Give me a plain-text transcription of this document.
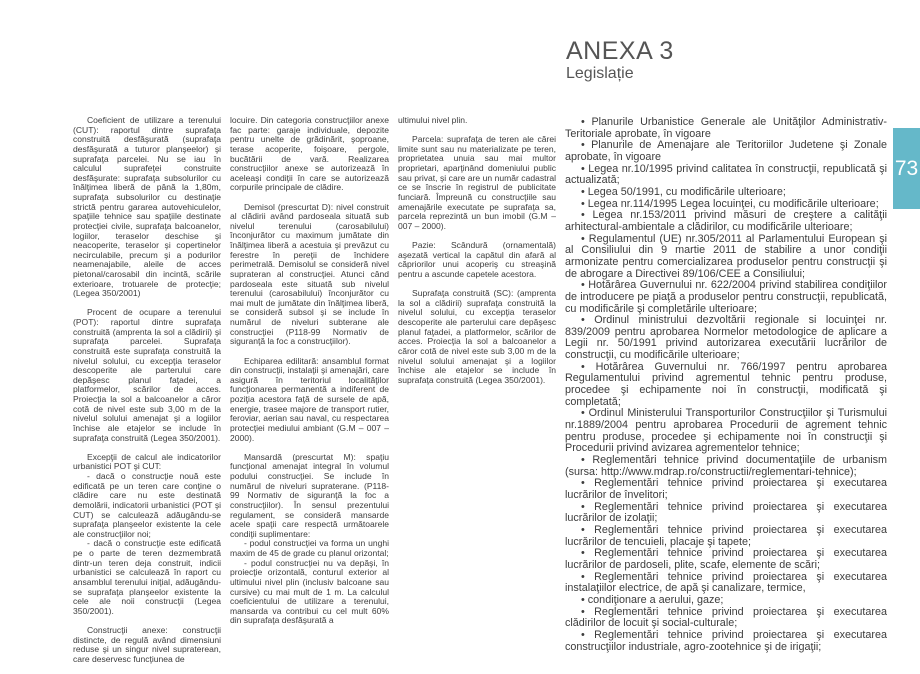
ANEXA 3
Legislație
73

Coeficient de utilizare a terenului (CUT): raportul dintre suprafaţa construită desfăşurată (suprafaţa desfăşurată a tuturor planşeelor) şi suprafaţa parcelei. Nu se iau în calculul suprafeţei construite desfăşurate: suprafaţa subsolurilor cu înălţimea liberă de până la 1,80m, suprafaţa subsolurilor cu destinaţie strictă pentru garareа autovehiculelor, spaţiile tehnice sau spaţiile destinate protecţiei civile, suprafaţa balcoanelor, logiilor, teraselor deschise şi neacoperite, teraselor şi copertinelor necirculabile, precum şi a podurilor neamenajabile, aleile de acces pietonal/carosabil din incintă, scările exterioare, trotuarele de protecţie; (Legea 350/2001)

Procent de ocupare a terenului (POT): raportul dintre suprafaţa construită (amprenta la sol a clădirii) şi suprafaţa parcelei. Suprafaţa construită este suprafaţa construită la nivelul solului, cu excepţia teraselor descoperite ale parterului care depăşesc planul faţadei, a platformelor, scărilor de acces. Proiecţia la sol a balcoanelor a căror cotă de nivel este sub 3,00 m de la nivelul solului amenajat şi a logiilor închise ale etajelor se include în suprafaţa construită (Legea 350/2001).

Excepţii de calcul ale indicatorilor urbanistici POT şi CUT:

- dacă o construcţie nouă este edificată pe un teren care conţine o clădire care nu este destinată demolării, indicatorii urbanistici (POT şi CUT) se calculează adăugându-se suprafaţa planşeelor existente la cele ale construcţiilor noi;

- dacă o construcţie este edificată pe o parte de teren dezmembrată dintr-un teren deja construit, indicii urbanistici se calculează în raport cu ansamblul terenului iniţial, adăugându-se suprafaţa planşeelor existente la cele ale noii construcţii (Legea 350/2001).

Construcţii anexe: construcţii distincte, de regulă având dimensiuni reduse şi un singur nivel supraterean, care deservesc funcţiunea de

locuire. Din categoria construcţiilor anexe fac parte: garaje individuale, depozite pentru unelte de grădinărit, şoproane, terase acoperite, foişoare, pergole, bucătării de vară. Realizarea construcţiilor anexe se autorizează în aceleaşi condiţii în care se autorizează corpurile principale de clădire.

Demisol (prescurtat D): nivel construit al clădirii având pardoseala situată sub nivelul terenului (carosabilului) înconjurător cu maximum jumătate din înălţimea liberă a acestuia şi prevăzut cu ferestre în pereţii de închidere perimetrală. Demisolul se consideră nivel suprateran al construcţiei. Atunci când pardoseala este situată sub nivelul terenului (carosabilului) înconjurător cu mai mult de jumătate din înălţimea liberă, se consideră subsol şi se include în numărul de niveluri subterane ale construcţiei (P118-99 Normativ de siguranţă la foc a construcţiilor).

Echiparea edilitară: ansamblul format din construcţii, instalaţii şi amenajări, care asigură în teritoriul localităţilor funcţionarea permanentă a indiferent de poziţia acestora faţă de sursele de apă, energie, trasee majore de transport rutier, feroviar, aerian sau naval, cu respectarea protecţiei mediului ambiant (G.M – 007 – 2000).

Mansardă (prescurtat M): spaţiu funcţional amenajat integral în volumul podului construcţiei. Se include în numărul de niveluri supraterane. (P118-99 Normativ de siguranţă la foc a construcţiilor). În sensul prezentului regulament, se consideră mansarde acele spaţii care respectă următoarele condiţii suplimentare:

- podul construcţiei va forma un unghi maxim de 45 de grade cu planul orizontal;

- podul construcţiei nu va depăşi, în proiecţie orizontală, conturul exterior al ultimului nivel plin (inclusiv balcoane sau cursive) cu mai mult de 1 m. La calculul coeficientului de utilizare a terenului, mansarda va contribui cu cel mult 60% din suprafaţa desfăşurată a

ultimului nivel plin.

Parcela: suprafaţa de teren ale cărei limite sunt sau nu materializate pe teren, proprietatea unuia sau mai multor proprietari, aparţinând domeniului public sau privat, şi care are un număr cadastral ce se înscrie în registrul de publicitate funciară. Împreună cu construcţiile sau amenajările executate pe suprafaţa sa, parcela reprezintă un bun imobil (G.M – 007 – 2000).

Pazie: Scândură (ornamentală) aşezată vertical la capătul din afară al căpriorilor unui acoperiş cu streaşină pentru a ascunde capetele acestora.

Suprafaţa construită (SC): (amprenta la sol a clădirii) suprafaţa construită la nivelul solului, cu excepţia teraselor descoperite ale parterului care depăşesc planul faţadei, a platformelor, scărilor de acces. Proiecţia la sol a balcoanelor a căror cotă de nivel este sub 3,00 m de la nivelul solului amenajat şi a logiilor închise ale etajelor se include în suprafaţa construită (Legea 350/2001).

• Planurile Urbanistice Generale ale Unităţilor Administrativ-Teritoriale aprobate, în vigoare

• Planurile de Amenajare ale Teritoriilor Judetene şi Zonale aprobate, în vigoare

• Legea nr.10/1995 privind calitatea în construcţii, republicată şi actualizată;

• Legea 50/1991, cu modificările ulterioare;

• Legea nr.114/1995 Legea locuinţei, cu modificările ulterioare;

• Legea nr.153/2011 privind măsuri de creştere a calităţii arhitectural-ambientale a clădirilor, cu modificările ulterioare;

• Regulamentul (UE) nr.305/2011 al Parlamentului European şi al Consiliului din 9 martie 2011 de stabilire a unor condiţii armonizate pentru comercializarea produselor pentru construcţii şi de abrogare a Directivei 89/106/CEE a Consiliului;

• Hotărârea Guvernului nr. 622/2004 privind stabilirea condiţiilor de introducere pe piaţă a produselor pentru construcţii, republicată, cu modificările şi completările ulterioare;

• Ordinul ministrului dezvoltării regionale si locuinţei nr. 839/2009 pentru aprobarea Normelor metodologice de aplicare a Legii nr. 50/1991 privind autorizarea executării lucrărilor de construcţii, cu modificările ulterioare;

• Hotărârea Guvernului nr. 766/1997 pentru aprobarea Regulamentului privind agrementul tehnic pentru produse, procedee şi echipamente noi în construcţii, modificată şi completată;

• Ordinul Ministerului Transporturilor Construcţiilor şi Turismului nr.1889/2004 pentru aprobarea Procedurii de agrement tehnic pentru produse, procedee şi echipamente noi în construcţii şi Procedurii privind avizarea agrementelor tehnice;

• Reglementări tehnice privind documentaţiile de urbanism (sursa: http://www.mdrap.ro/constructii/reglementari-tehnice);

• Reglementări tehnice privind proiectarea şi executarea lucrărilor de învelitori;

• Reglementări tehnice privind proiectarea şi executarea lucrărilor de izolaţii;

• Reglementări tehnice privind proiectarea şi executarea lucrărilor de tencuieli, placaje şi tapete;

• Reglementări tehnice privind proiectarea şi executarea lucrărilor de pardoseli, plite, scafe, elemente de scări;

• Reglementări tehnice privind proiectarea şi executarea instalaţiilor electrice, de apă şi canalizare, termice,

• condiţionare a aerului, gaze;

• Reglementări tehnice privind proiectarea şi executarea clădirilor de locuit şi social-culturale;

• Reglementări tehnice privind proiectarea şi executarea construcţiilor industriale, agro-zootehnice şi de irigaţii;
